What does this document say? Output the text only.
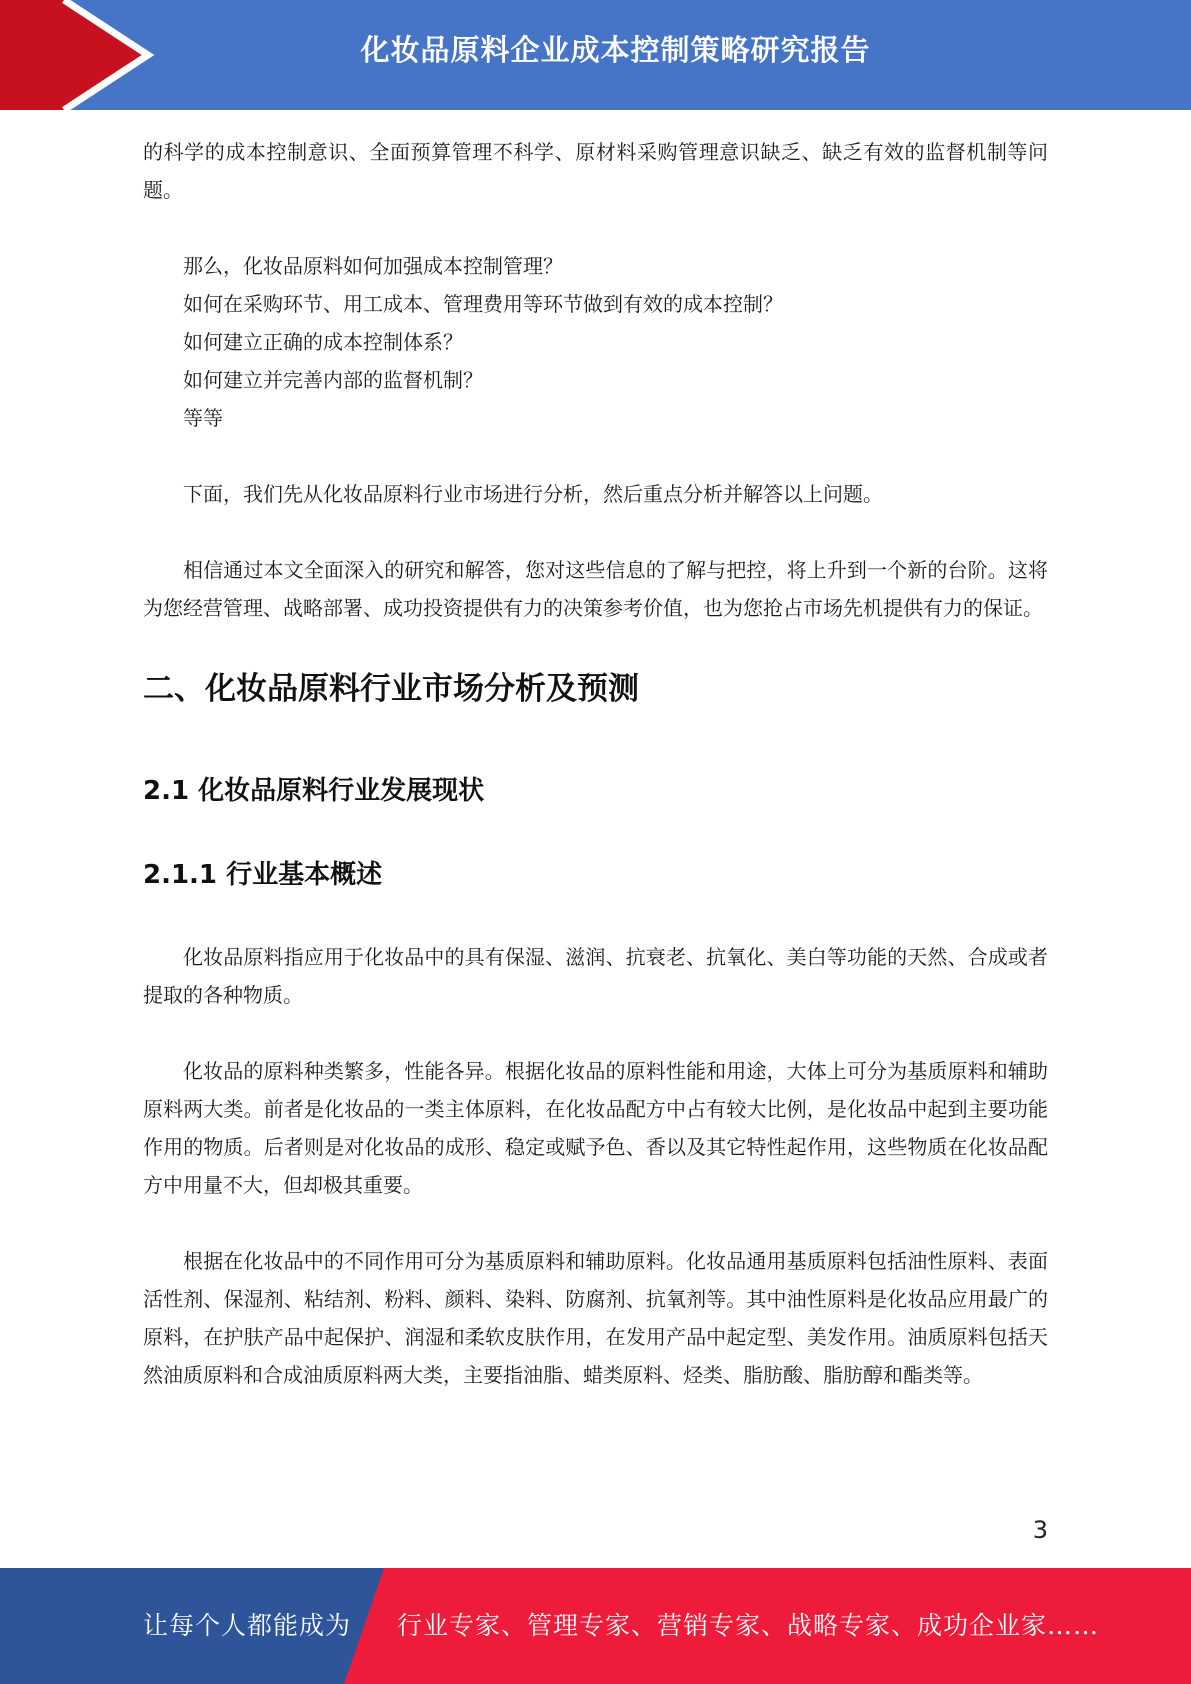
化妆品原料企业成本控制策略研究报告

的科学的成本控制意识、全面预算管理不科学、原材料采购管理意识缺乏、缺乏有效的监督机制等问题。

那么，化妆品原料如何加强成本控制管理？

如何在采购环节、用工成本、管理费用等环节做到有效的成本控制？

如何建立正确的成本控制体系？

如何建立并完善内部的监督机制？

等等

下面，我们先从化妆品原料行业市场进行分析，然后重点分析并解答以上问题。

相信通过本文全面深入的研究和解答，您对这些信息的了解与把控，将上升到一个新的台阶。这将为您经营管理、战略部署、成功投资提供有力的决策参考价值，也为您抢占市场先机提供有力的保证。

二、化妆品原料行业市场分析及预测
2.1 化妆品原料行业发展现状
2.1.1 行业基本概述

化妆品原料指应用于化妆品中的具有保湿、滋润、抗衰老、抗氧化、美白等功能的天然、合成或者提取的各种物质。

化妆品的原料种类繁多，性能各异。根据化妆品的原料性能和用途，大体上可分为基质原料和辅助原料两大类。前者是化妆品的一类主体原料，在化妆品配方中占有较大比例，是化妆品中起到主要功能作用的物质。后者则是对化妆品的成形、稳定或赋予色、香以及其它特性起作用，这些物质在化妆品配方中用量不大，但却极其重要。

根据在化妆品中的不同作用可分为基质原料和辅助原料。化妆品通用基质原料包括油性原料、表面活性剂、保湿剂、粘结剂、粉料、颜料、染料、防腐剂、抗氧剂等。其中油性原料是化妆品应用最广的原料，在护肤产品中起保护、润湿和柔软皮肤作用，在发用产品中起定型、美发作用。油质原料包括天然油质原料和合成油质原料两大类，主要指油脂、蜡类原料、烃类、脂肪酸、脂肪醇和酯类等。

3
让每个人都能成为 行业专家、管理专家、营销专家、战略专家、成功企业家……
